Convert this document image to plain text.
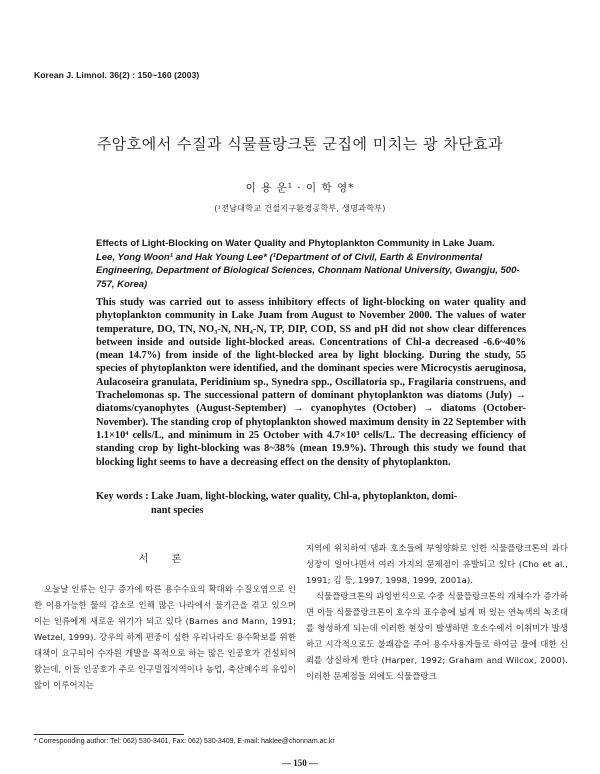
Korean J. Limnol. 36(2) : 150~160 (2003)
주암호에서 수질과 식물플랑크톤 군집에 미치는 광 차단효과
이 용 운¹ · 이 학 영*
(¹전남대학교 건설지구환경공학부, 생명과학부)
Effects of Light-Blocking on Water Quality and Phytoplankton Community in Lake Juam.
Lee, Yong Woon¹ and Hak Young Lee* (¹Department of of Civil, Earth & Environmental Engineering, Department of Biological Sciences, Chonnam National University, Gwangju, 500-757, Korea)

This study was carried out to assess inhibitory effects of light-blocking on water quality and phytoplankton community in Lake Juam from August to November 2000. The values of water temperature, DO, TN, NO₃-N, NH₄-N, TP, DIP, COD, SS and pH did not show clear differences between inside and outside light-blocked areas. Concentrations of Chl-a decreased -6.6~40% (mean 14.7%) from inside of the light-blocked area by light blocking. During the study, 55 species of phytoplankton were identified, and the dominant species were Microcystis aeruginosa, Aulacoseira granulata, Peridinium sp., Synedra spp., Oscillatoria sp., Fragilaria construens, and Trachelomonas sp. The successional pattern of dominant phytoplankton was diatoms (July) → diatoms/cyanophytes (August-September) → cyanophytes (October) → diatoms (October-November). The standing crop of phytoplankton showed maximum density in 22 September with 1.1×10⁴ cells/L, and minimum in 25 October with 4.7×10³ cells/L. The decreasing efficiency of standing crop by light-blocking was 8~38% (mean 19.9%). Through this study we found that blocking light seems to have a decreasing effect on the density of phytoplankton.

Key words : Lake Juam, light-blocking, water quality, Chl-a, phytoplankton, domi-
nant species
서 론

오늘날 인류는 인구 증가에 따른 용수수요의 확대와 수질오염으로 인한 이용가능한 물의 감소로 인해 많은 나라에서 물기근을 겪고 있으며 이는 인류에게 새로운 위기가 되고 있다 (Barnes and Mann, 1991; Wetzel, 1999). 강우의 하계 편중이 심한 우리나라도 용수확보를 위한 대책이 요구되어 수자원 개발을 목적으로 하는 많은 인공호가 건설되어 왔는데, 이들 인공호가 주로 인구밀집지역이나 농업, 축산폐수의 유입이 많이 이루어지는

지역에 위치하여 댐과 호소들에 부영양화로 인한 식물플랑크톤의 과다성장이 일어나면서 여러 가지의 문제점이 유발되고 있다 (Cho et al., 1991; 김 등, 1997, 1998, 1999, 2001a).

식물플랑크톤의 과잉번식으로 수중 식물플랑크톤의 개체수가 증가하면 이들 식물플랑크톤이 호수의 표수층에 넓게 떠 있는 연녹색의 녹조대를 형성하게 되는데 이러한 현상이 발생하면 호소수에서 이취미가 발생하고 시각적으로도 불쾌감을 주어 용수사용자들로 하여금 물에 대한 신뢰를 상실하게 한다 (Harper, 1992; Graham and Wilcox, 2000). 이러한 문제점들 외에도 식물플랑크

* Corresponding author: Tel: 062) 530-3401, Fax: 062) 530-3409, E-mail: haklee@chonnam.ac.kr
— 150 —
